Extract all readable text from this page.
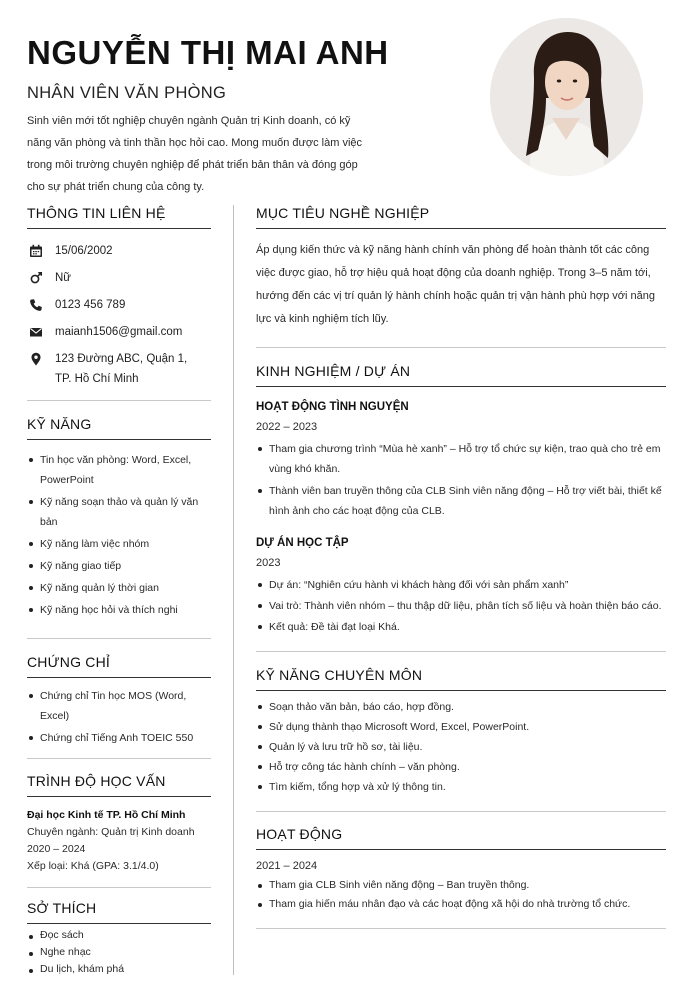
NGUYỄN THỊ MAI ANH
NHÂN VIÊN VĂN PHÒNG
Sinh viên mới tốt nghiệp chuyên ngành Quản trị Kinh doanh, có kỹ năng văn phòng và tinh thần học hỏi cao. Mong muốn được làm việc trong môi trường chuyên nghiệp để phát triển bản thân và đóng góp cho sự phát triển chung của công ty.
THÔNG TIN LIÊN HỆ
15/06/2002
Nữ
0123 456 789
maianh1506@gmail.com
123 Đường ABC, Quận 1,
TP. Hồ Chí Minh
KỸ NĂNG
Tin học văn phòng: Word, Excel, PowerPoint
Kỹ năng soạn thảo và quản lý văn bản
Kỹ năng làm việc nhóm
Kỹ năng giao tiếp
Kỹ năng quản lý thời gian
Kỹ năng học hỏi và thích nghi
CHỨNG CHỈ
Chứng chỉ Tin học MOS (Word, Excel)
Chứng chỉ Tiếng Anh TOEIC 550
TRÌNH ĐỘ HỌC VẤN
Đại học Kinh tế TP. Hồ Chí Minh
Chuyên ngành: Quản trị Kinh doanh
2020 – 2024
Xếp loại: Khá (GPA: 3.1/4.0)
SỞ THÍCH
Đọc sách
Nghe nhạc
Du lịch, khám phá
MỤC TIÊU NGHỀ NGHIỆP
Áp dụng kiến thức và kỹ năng hành chính văn phòng để hoàn thành tốt các công việc được giao, hỗ trợ hiệu quả hoạt động của doanh nghiệp. Trong 3–5 năm tới, hướng đến các vị trí quản lý hành chính hoặc quản trị vận hành phù hợp với năng lực và kinh nghiệm tích lũy.
KINH NGHIỆM / DỰ ÁN
HOẠT ĐỘNG TÌNH NGUYỆN
2022 – 2023
Tham gia chương trình “Mùa hè xanh” – Hỗ trợ tổ chức sự kiện, trao quà cho trẻ em vùng khó khăn.
Thành viên ban truyền thông của CLB Sinh viên năng động – Hỗ trợ viết bài, thiết kế hình ảnh cho các hoạt động của CLB.
DỰ ÁN HỌC TẬP
2023
Dự án: “Nghiên cứu hành vi khách hàng đối với sản phẩm xanh”
Vai trò: Thành viên nhóm – thu thập dữ liệu, phân tích số liệu và hoàn thiện báo cáo.
Kết quả: Đề tài đạt loại Khá.
KỸ NĂNG CHUYÊN MÔN
Soạn thảo văn bản, báo cáo, hợp đồng.
Sử dụng thành thạo Microsoft Word, Excel, PowerPoint.
Quản lý và lưu trữ hồ sơ, tài liệu.
Hỗ trợ công tác hành chính – văn phòng.
Tìm kiếm, tổng hợp và xử lý thông tin.
HOẠT ĐỘNG
2021 – 2024
Tham gia CLB Sinh viên năng động – Ban truyền thông.
Tham gia hiến máu nhân đạo và các hoạt động xã hội do nhà trường tổ chức.
